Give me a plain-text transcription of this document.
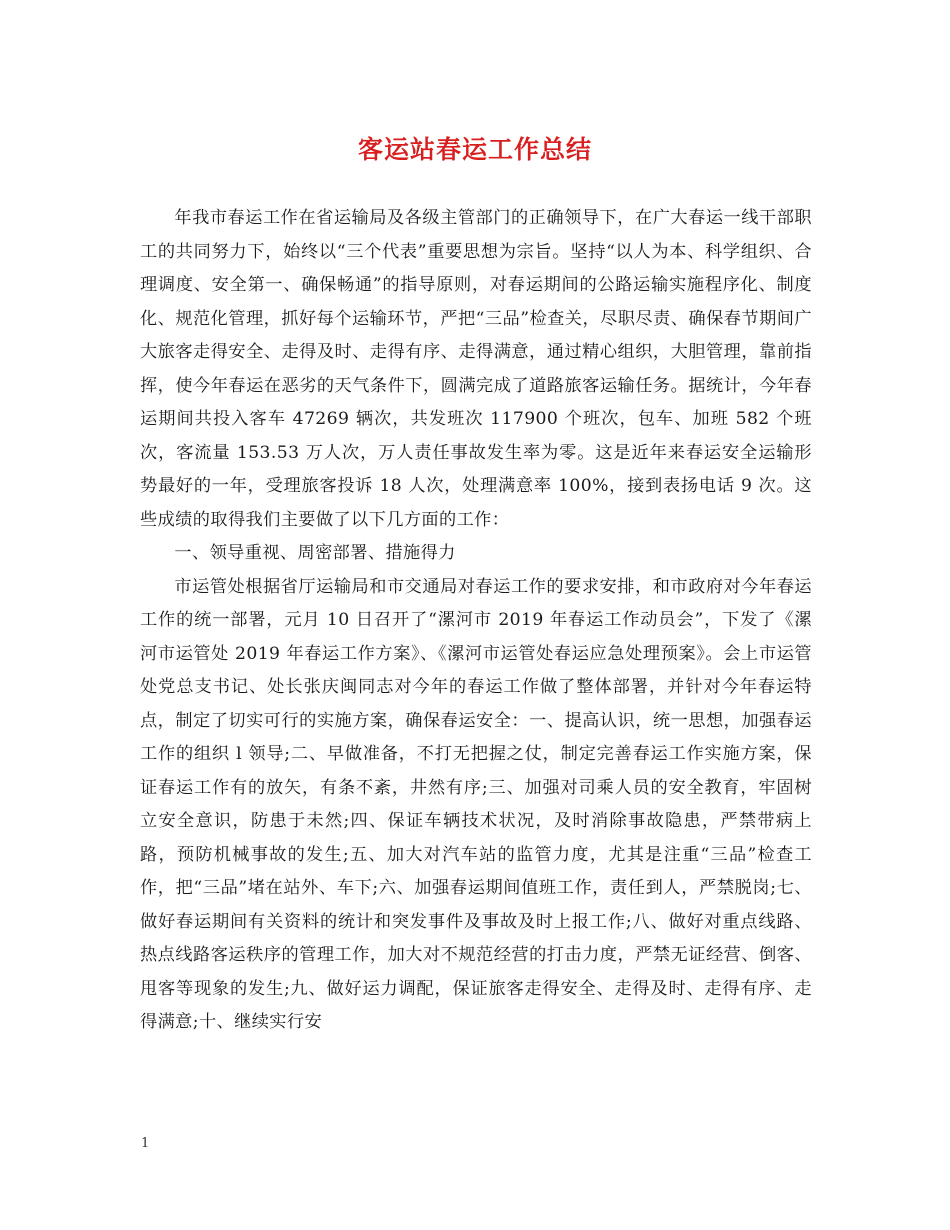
客运站春运工作总结

年我市春运工作在省运输局及各级主管部门的正确领导下，在广大春运一线干部职工的共同努力下，始终以“三个代表”重要思想为宗旨。坚持“以人为本、科学组织、合理调度、安全第一、确保畅通”的指导原则，对春运期间的公路运输实施程序化、制度化、规范化管理，抓好每个运输环节，严把“三品”检查关，尽职尽责、确保春节期间广大旅客走得安全、走得及时、走得有序、走得满意，通过精心组织，大胆管理，靠前指挥，使今年春运在恶劣的天气条件下，圆满完成了道路旅客运输任务。据统计，今年春运期间共投入客车 47269 辆次，共发班次 117900 个班次，包车、加班 582 个班次，客流量 153.53 万人次，万人责任事故发生率为零。这是近年来春运安全运输形势最好的一年，受理旅客投诉 18 人次，处理满意率 100%，接到表扬电话 9 次。这些成绩的取得我们主要做了以下几方面的工作：

一、领导重视、周密部署、措施得力

市运管处根据省厅运输局和市交通局对春运工作的要求安排，和市政府对今年春运工作的统一部署，元月 10 日召开了“漯河市 2019 年春运工作动员会”，下发了《漯河市运管处 2019 年春运工作方案》、《漯河市运管处春运应急处理预案》。会上市运管处党总支书记、处长张庆闽同志对今年的春运工作做了整体部署，并针对今年春运特点，制定了切实可行的实施方案，确保春运安全：一、提高认识，统一思想，加强春运工作的组织 l 领导;二、早做准备，不打无把握之仗，制定完善春运工作实施方案，保证春运工作有的放矢，有条不紊，井然有序;三、加强对司乘人员的安全教育，牢固树立安全意识，防患于未然;四、保证车辆技术状况，及时消除事故隐患，严禁带病上路，预防机械事故的发生;五、加大对汽车站的监管力度，尤其是注重“三品”检查工作，把“三品”堵在站外、车下;六、加强春运期间值班工作，责任到人，严禁脱岗;七、做好春运期间有关资料的统计和突发事件及事故及时上报工作;八、做好对重点线路、热点线路客运秩序的管理工作，加大对不规范经营的打击力度，严禁无证经营、倒客、甩客等现象的发生;九、做好运力调配，保证旅客走得安全、走得及时、走得有序、走得满意;十、继续实行安

1
